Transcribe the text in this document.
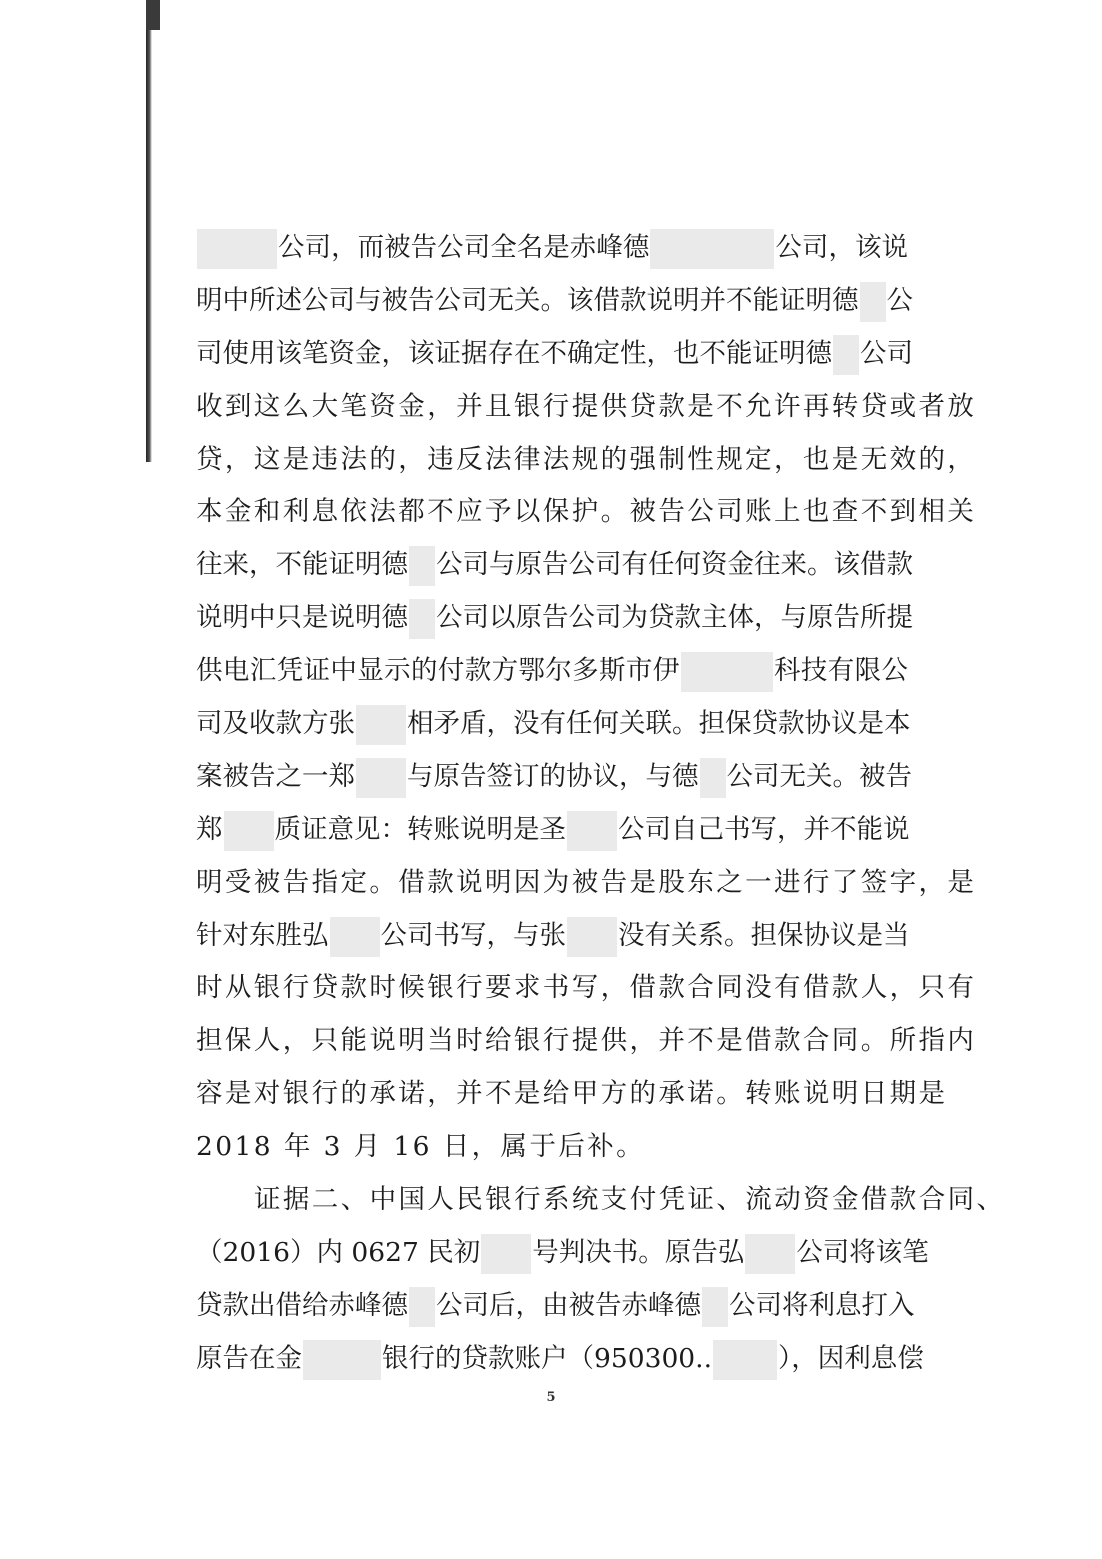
公司，而被告公司全名是赤峰德	公司，该说
明中所述公司与被告公司无关。该借款说明并不能证明德 公
司使用该笔资金，该证据存在不确定性，也不能证明德 公司
收到这么大笔资金，并且银行提供贷款是不允许再转贷或者放
贷，这是违法的，违反法律法规的强制性规定，也是无效的，
本金和利息依法都不应予以保护。被告公司账上也查不到相关
往来，不能证明德 公司与原告公司有任何资金往来。该借款
说明中只是说明德 公司以原告公司为贷款主体，与原告所提
供电汇凭证中显示的付款方鄂尔多斯市伊	科技有限公
司及收款方张 相矛盾，没有任何关联。担保贷款协议是本
案被告之一郑 与原告签订的协议，与德 公司无关。被告
郑 质证意见：转账说明是圣 公司自己书写，并不能说
明受被告指定。借款说明因为被告是股东之一进行了签字，是
针对东胜弘 公司书写，与张 没有关系。担保协议是当
时从银行贷款时候银行要求书写，借款合同没有借款人，只有
担保人，只能说明当时给银行提供，并不是借款合同。所指内
容是对银行的承诺，并不是给甲方的承诺。转账说明日期是
2018 年 3 月 16 日，属于后补。
证据二、中国人民银行系统支付凭证、流动资金借款合同、
（2016）内 0627 民初 号判决书。原告弘 公司将该笔
贷款出借给赤峰德 公司后，由被告赤峰德 公司将利息打入
原告在金	银行的贷款账户（950300.. ），因利息偿
5
